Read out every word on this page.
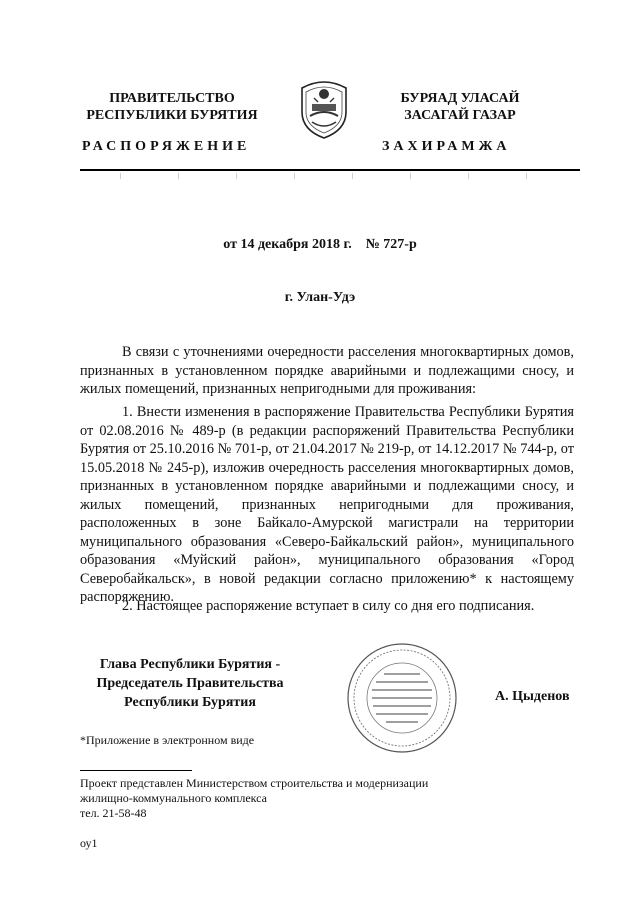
ПРАВИТЕЛЬСТВО
РЕСПУБЛИКИ БУРЯТИЯ
БУРЯАД УЛАСАЙ
ЗАСАГАЙ ГАЗАР
РАСПОРЯЖЕНИЕ	ЗАХИРАМЖА
от 14 декабря 2018 г.    № 727-р
г. Улан-Удэ

В связи с уточнениями очередности расселения многоквартирных домов, признанных в установленном порядке аварийными и подлежащими сносу, и жилых помещений, признанных непригодными для проживания:

1. Внести изменения в распоряжение Правительства Республики Бурятия от 02.08.2016 № 489-р (в редакции распоряжений Правительства Республики Бурятия от 25.10.2016 № 701-р, от 21.04.2017 № 219-р, от 14.12.2017 № 744-р, от 15.05.2018 № 245-р), изложив очередность расселения многоквартирных домов, признанных в установленном порядке аварийными и подлежащими сносу, и жилых помещений, признанных непригодными для проживания, расположенных в зоне Байкало-Амурской магистрали на территории муниципального образования «Северо-Байкальский район», муниципального образования «Муйский район», муниципального образования «Город Северобайкальск», в новой редакции согласно приложению* к настоящему распоряжению.

2. Настоящее распоряжение вступает в силу со дня его подписания.

Глава Республики Бурятия -
Председатель Правительства
Республики Бурятия	А. Цыденов
*Приложение в электронном виде
Проект представлен Министерством строительства и модернизации
жилищно-коммунального комплекса
тел. 21-58-48
оу1
